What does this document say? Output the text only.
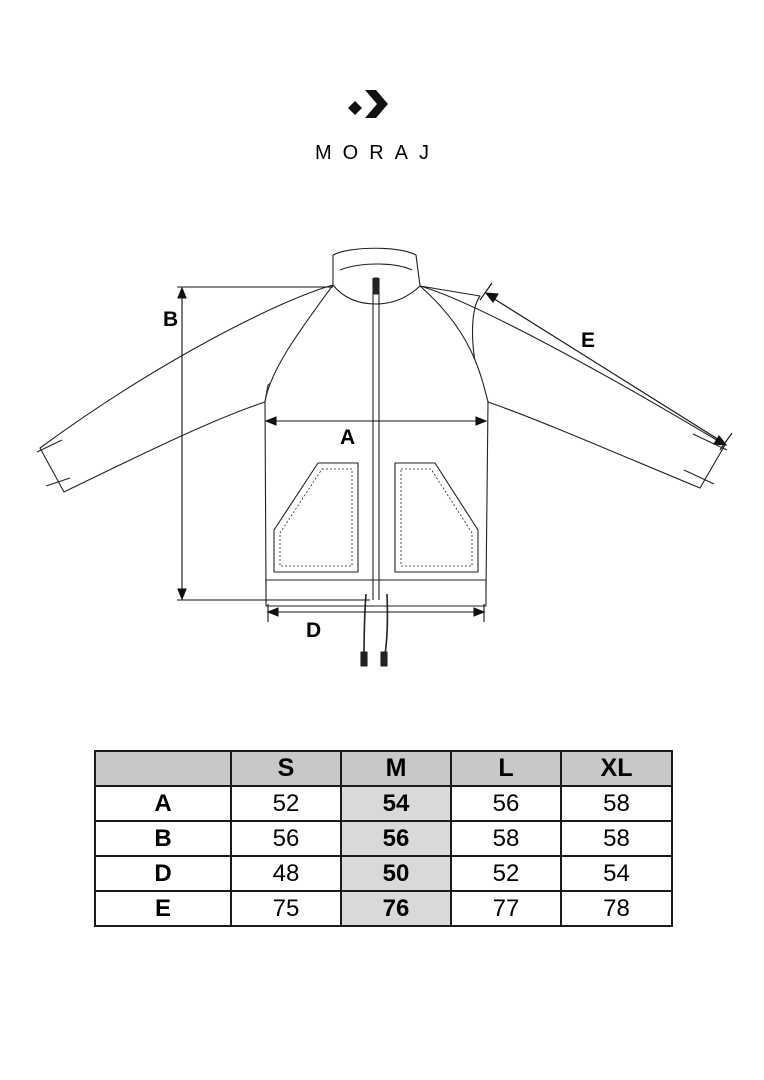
MORAJ
B
A
D
E
	S	M	L	XL
A	52	54	56	58
B	56	56	58	58
D	48	50	52	54
E	75	76	77	78
